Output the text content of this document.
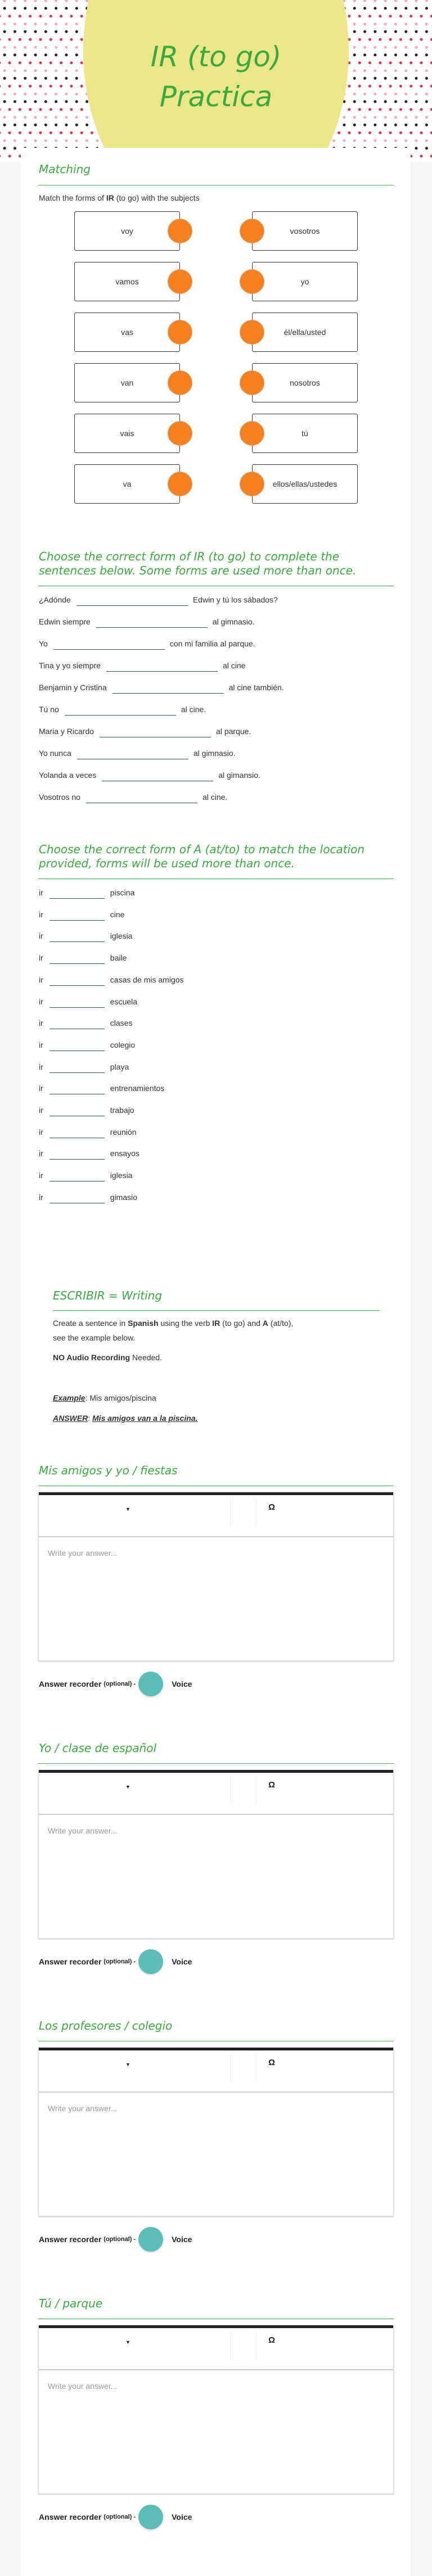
IR (to go)
Practica
Matching
Match the forms of IR (to go) with the subjects
voy	vosotros
vamos	yo
vas	él/ella/usted
van	nosotros
vais	tú
va	ellos/ellas/ustedes
Choose the correct form of IR (to go) to complete the
sentences below. Some forms are used more than once.
¿Adónde	Edwin y tú los sábados?
Edwin siempre	al gimnasio.
Yo	con mi familia al parque.
Tina y yo siempre	al cine
Benjamin y Cristina	al cine también.
Tú no	al cine.
Maria y Ricardo	al parque.
Yo nunca	al gimnasio.
Yolanda a veces	al gimansio.
Vosotros no	al cine.
Choose the correct form of A (at/to) to match the location
provided, forms will be used more than once.
ir	piscina
ir	cine
ir	iglesia
ir	baile
ir	casas de mis amigos
ir	escuela
ir	clases
ir	colegio
ir	playa
ir	entrenamientos
ir	trabajo
ir	reunión
ir	ensayos
ir	iglesia
ir	gimasio
ESCRIBIR = Writing
Create a sentence in Spanish using the verb IR (to go) and A (at/to),
see the example below.
NO Audio Recording Needed.
Example: Mis amigos/piscina
ANSWER: Mis amigos van a la piscina.
Mis amigos y yo / fiestas
▼	Ω
Write your answer...
Answer recorder (optional) -	Voice
Yo / clase de español
▼	Ω
Write your answer...
Answer recorder (optional) -	Voice
Los profesores / colegio
▼	Ω
Write your answer...
Answer recorder (optional) -	Voice
Tú / parque
▼	Ω
Write your answer...
Answer recorder (optional) -	Voice
